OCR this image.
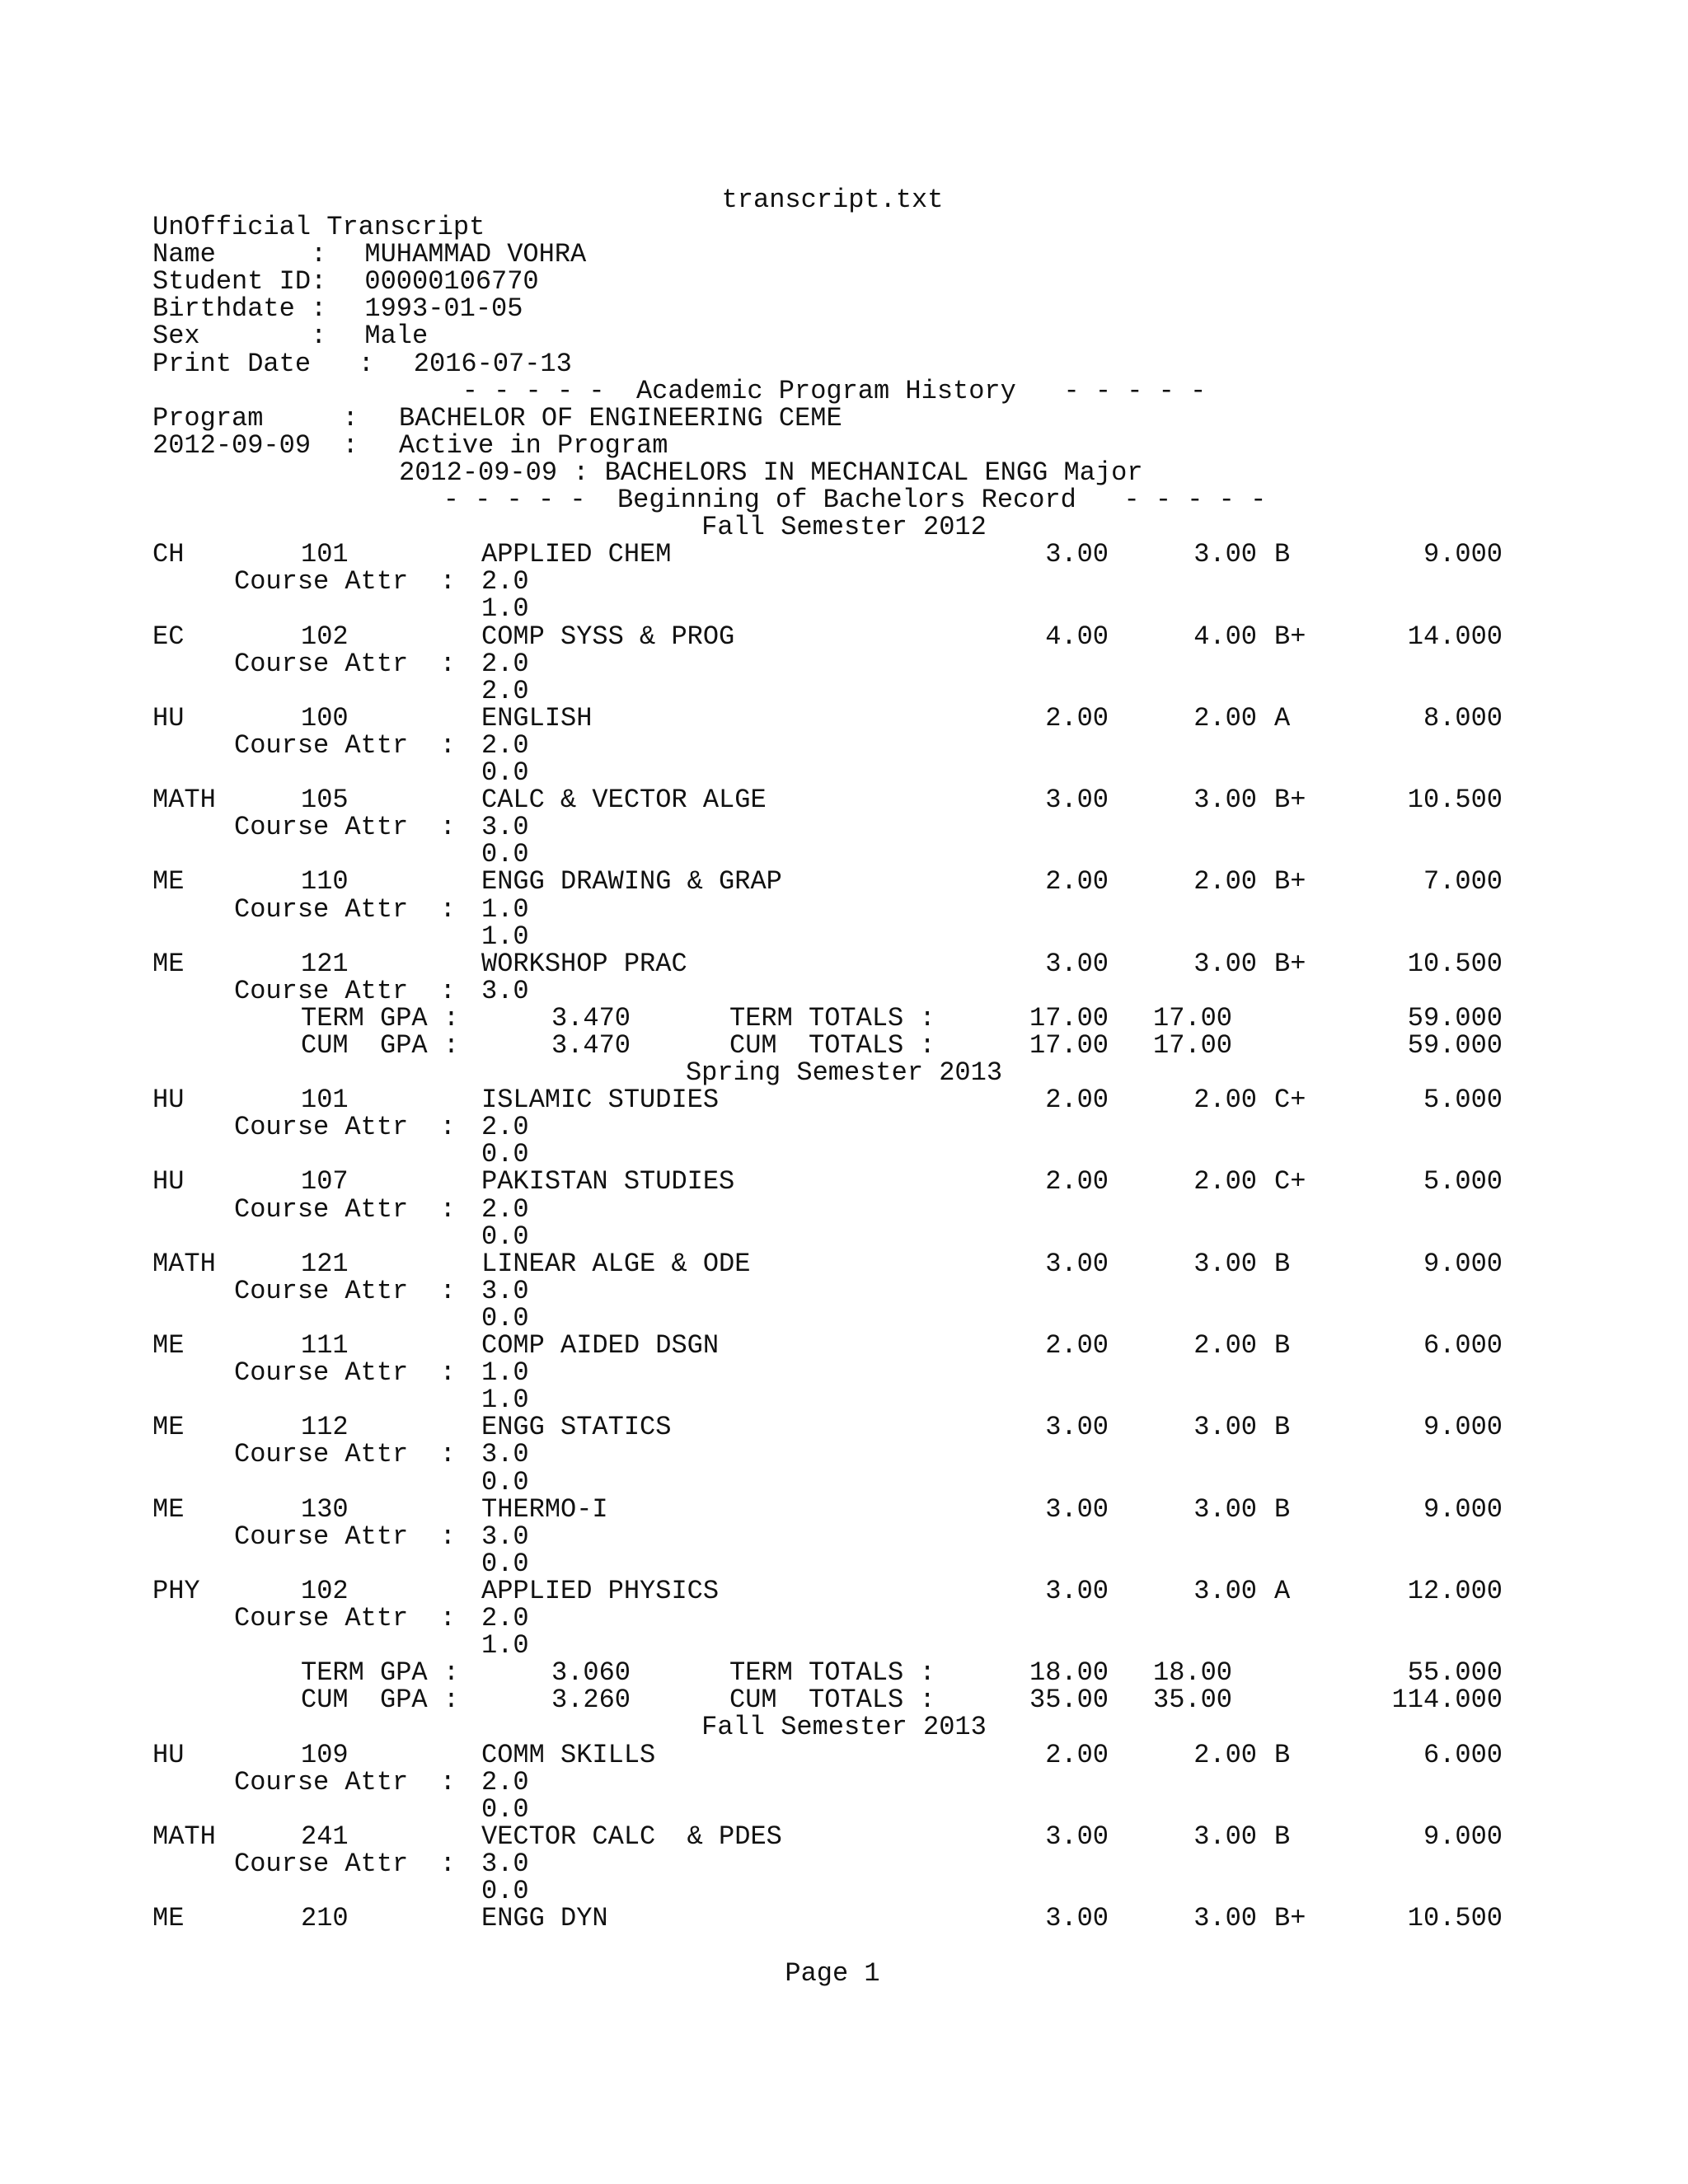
transcript.txt

UnOfficial Transcript
Name      : MUHAMMAD VOHRA
Student ID: 00000106770
Birthdate : 1993-01-05
Sex       : Male
Print Date   : 2016-07-13
- - - - -  Academic Program History   - - - - -
Program     : BACHELOR OF ENGINEERING CEME
2012-09-09  : Active in Program
2012-09-09 : BACHELORS IN MECHANICAL ENGG Major
- - - - -  Beginning of Bachelors Record   - - - - -
Fall Semester 2012
CH	101	APPLIED CHEM	3.00	3.00 B	9.000
Course Attr  : 2.0
1.0
EC	102	COMP SYSS & PROG	4.00	4.00 B+	14.000
Course Attr  : 2.0
2.0
HU	100	ENGLISH	2.00	2.00 A	8.000
Course Attr  : 2.0
0.0
MATH	105	CALC & VECTOR ALGE	3.00	3.00 B+	10.500
Course Attr  : 3.0
0.0
ME	110	ENGG DRAWING & GRAP	2.00	2.00 B+	7.000
Course Attr  : 1.0
1.0
ME	121	WORKSHOP PRAC	3.00	3.00 B+	10.500
Course Attr  : 3.0
TERM GPA :	3.470	TERM TOTALS :	17.00	17.00	59.000
CUM  GPA :	3.470	CUM  TOTALS :	17.00	17.00	59.000
Spring Semester 2013
HU	101	ISLAMIC STUDIES	2.00	2.00 C+	5.000
Course Attr  : 2.0
0.0
HU	107	PAKISTAN STUDIES	2.00	2.00 C+	5.000
Course Attr  : 2.0
0.0
MATH	121	LINEAR ALGE & ODE	3.00	3.00 B	9.000
Course Attr  : 3.0
0.0
ME	111	COMP AIDED DSGN	2.00	2.00 B	6.000
Course Attr  : 1.0
1.0
ME	112	ENGG STATICS	3.00	3.00 B	9.000
Course Attr  : 3.0
0.0
ME	130	THERMO-I	3.00	3.00 B	9.000
Course Attr  : 3.0
0.0
PHY	102	APPLIED PHYSICS	3.00	3.00 A	12.000
Course Attr  : 2.0
1.0
TERM GPA :	3.060	TERM TOTALS :	18.00	18.00	55.000
CUM  GPA :	3.260	CUM  TOTALS :	35.00	35.00	114.000
Fall Semester 2013
HU	109	COMM SKILLS	2.00	2.00 B	6.000
Course Attr  : 2.0
0.0
MATH	241	VECTOR CALC  & PDES	3.00	3.00 B	9.000
Course Attr  : 3.0
0.0
ME	210	ENGG DYN	3.00	3.00 B+	10.500

Page 1
